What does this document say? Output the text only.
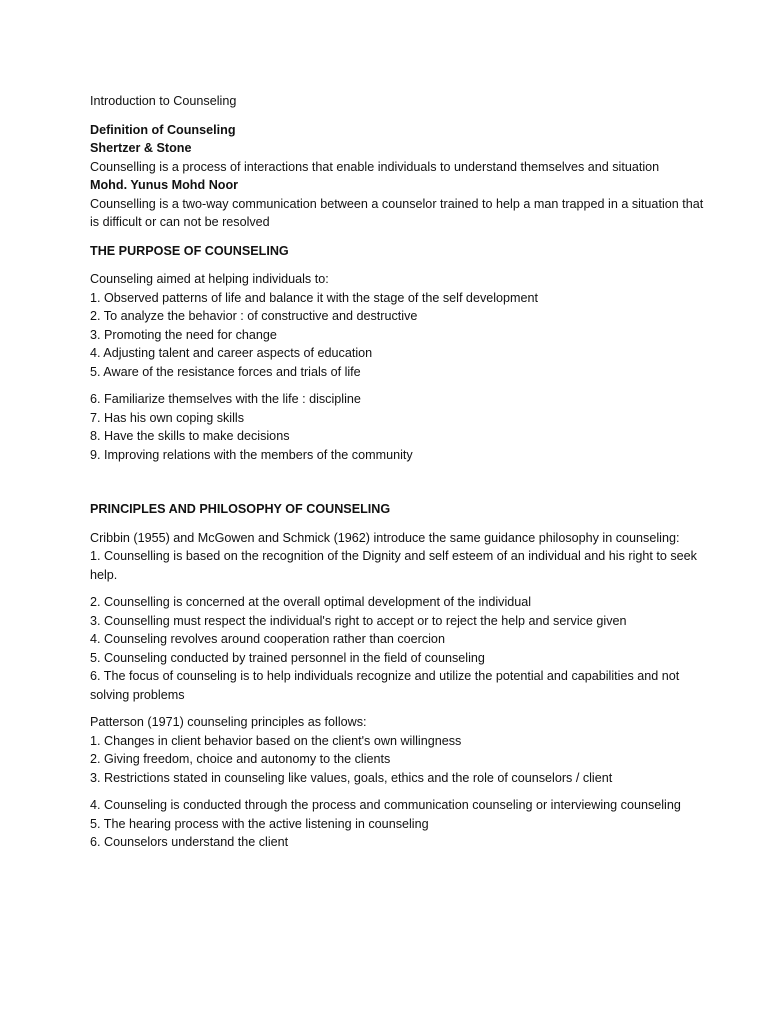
Introduction to Counseling
Definition of Counseling
Shertzer & Stone
Counselling is a process of interactions that enable individuals to understand themselves and situation
Mohd. Yunus Mohd Noor
Counselling is a two-way communication between a counselor trained to help a man trapped in a situation that is difficult or can not be resolved
THE PURPOSE OF COUNSELING
Counseling aimed at helping individuals to:
1. Observed patterns of life and balance it with the stage of the self development
2. To analyze the behavior : of constructive and destructive
3. Promoting the need for change
4. Adjusting talent and career aspects of education
5. Aware of the resistance forces and trials of life
6. Familiarize themselves with the life : discipline
7. Has his own coping skills
8. Have the skills to make decisions
9. Improving relations with the members of the community
PRINCIPLES AND PHILOSOPHY OF COUNSELING
Cribbin (1955) and McGowen and Schmick (1962) introduce the same guidance philosophy in counseling:
1. Counselling is based on the recognition of the Dignity and self esteem of an individual and his right to seek help.
2. Counselling is concerned at the overall optimal development of the individual
3. Counselling must respect the individual's right to accept or to reject the help and service given
4. Counseling revolves around cooperation rather than coercion
5. Counseling conducted by trained personnel in the field of counseling
6. The focus of counseling is to help individuals recognize and utilize the potential and capabilities and not solving problems
Patterson (1971) counseling principles as follows:
1. Changes in client behavior based on the client's own willingness
2. Giving freedom, choice and autonomy to the clients
3. Restrictions stated in counseling like values, goals, ethics and the role of counselors / client
4. Counseling is conducted through the process and communication counseling or interviewing counseling
5. The hearing process with the active listening in counseling
6. Counselors understand the client
